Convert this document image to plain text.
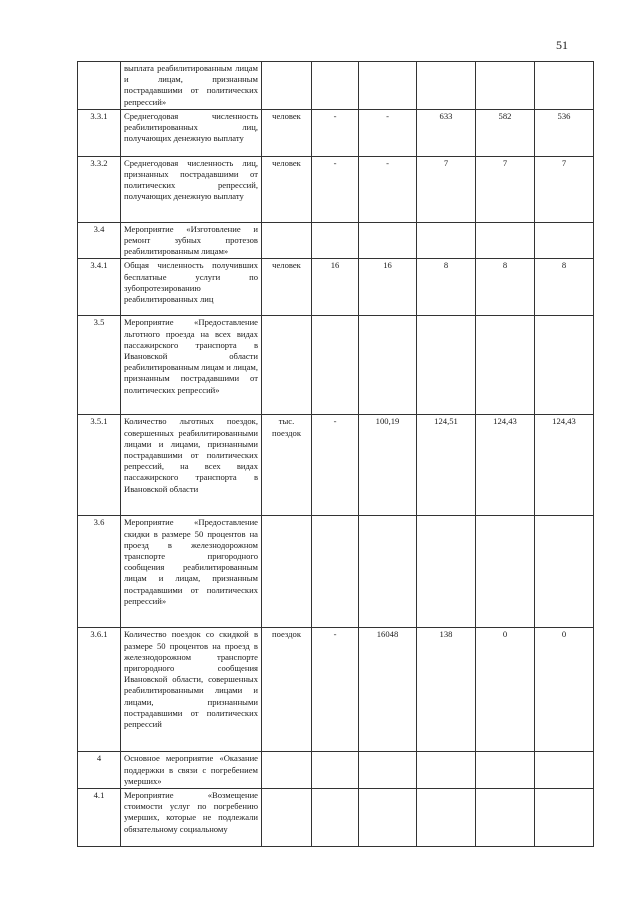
51
	выплата реабилитированным лицам и лицам, признанным пострадавшими от политических репрессий»						
3.3.1	Среднегодовая численность реабилитированных лиц, получающих денежную выплату	человек	-	-	633	582	536
3.3.2	Среднегодовая численность лиц, признанных пострадавшими от политических репрессий, получающих денежную выплату	человек	-	-	7	7	7
3.4	Мероприятие «Изготовление и ремонт зубных протезов реабилитированным лицам»						
3.4.1	Общая численность получивших бесплатные услуги по зубопротезированию реабилитированных лиц	человек	16	16	8	8	8
3.5	Мероприятие «Предоставление льготного проезда на всех видах пассажирского транспорта в Ивановской области реабилитированным лицам и лицам, признанным пострадавшими от политических репрессий»						
3.5.1	Количество льготных поездок, совершенных реабилитированными лицами и лицами, признанными пострадавшими от политических репрессий, на всех видах пассажирского транспорта в Ивановской области	тыс. поездок	-	100,19	124,51	124,43	124,43
3.6	Мероприятие «Предоставление скидки в размере 50 процентов на проезд в железнодорожном транспорте пригородного сообщения реабилитированным лицам и лицам, признанным пострадавшими от политических репрессий»						
3.6.1	Количество поездок со скидкой в размере 50 процентов на проезд в железнодорожном транспорте пригородного сообщения Ивановской области, совершенных реабилитированными лицами и лицами, признанными пострадавшими от политических репрессий	поездок	-	16048	138	0	0
4	Основное мероприятие «Оказание поддержки в связи с погребением умерших»						
4.1	Мероприятие «Возмещение стоимости услуг по погребению умерших, которые не подлежали обязательному социальному						
